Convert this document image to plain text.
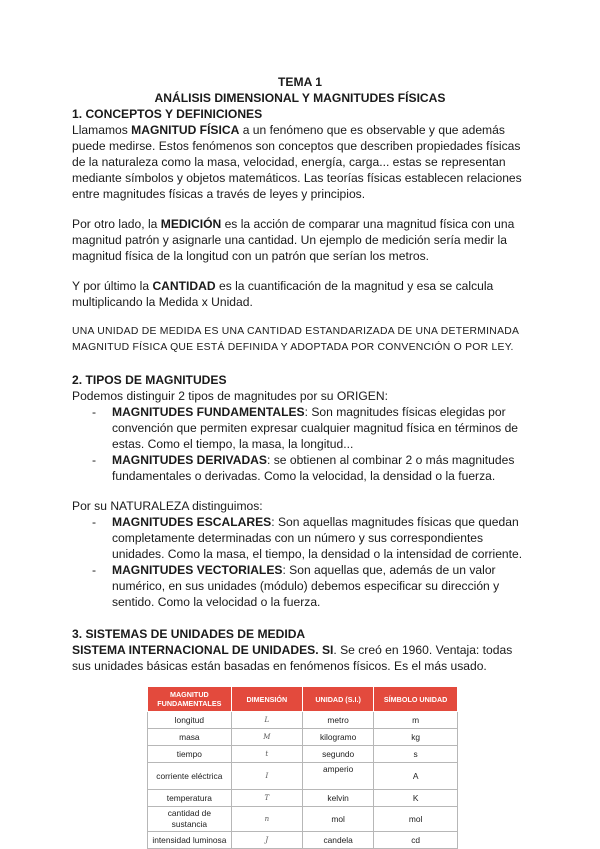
TEMA 1

ANÁLISIS DIMENSIONAL Y MAGNITUDES FÍSICAS

1. CONCEPTOS Y DEFINICIONES

Llamamos MAGNITUD FÍSICA a un fenómeno que es observable y que además puede medirse. Estos fenómenos son conceptos que describen propiedades físicas de la naturaleza como la masa, velocidad, energía, carga... estas se representan mediante símbolos y objetos matemáticos. Las teorías físicas establecen relaciones entre magnitudes físicas a través de leyes y principios.

Por otro lado, la MEDICIÓN es la acción de comparar una magnitud física con una magnitud patrón y asignarle una cantidad. Un ejemplo de medición sería medir la magnitud física de la longitud con un patrón que serían los metros.

Y por último la CANTIDAD es la cuantificación de la magnitud y esa se calcula multiplicando la Medida x Unidad.

UNA UNIDAD DE MEDIDA ES UNA CANTIDAD ESTANDARIZADA DE UNA DETERMINADA MAGNITUD FÍSICA QUE ESTÁ DEFINIDA Y ADOPTADA POR CONVENCIÓN O POR LEY.

2. TIPOS DE MAGNITUDES

Podemos distinguir 2 tipos de magnitudes por su ORIGEN:

- MAGNITUDES FUNDAMENTALES: Son magnitudes físicas elegidas por convención que permiten expresar cualquier magnitud física en términos de estas. Como el tiempo, la masa, la longitud...
- MAGNITUDES DERIVADAS: se obtienen al combinar 2 o más magnitudes fundamentales o derivadas. Como la velocidad, la densidad o la fuerza.

Por su NATURALEZA distinguimos:

- MAGNITUDES ESCALARES: Son aquellas magnitudes físicas que quedan completamente determinadas con un número y sus correspondientes unidades. Como la masa, el tiempo, la densidad o la intensidad de corriente.
- MAGNITUDES VECTORIALES: Son aquellas que, además de un valor numérico, en sus unidades (módulo) debemos especificar su dirección y sentido. Como la velocidad o la fuerza.

3. SISTEMAS DE UNIDADES DE MEDIDA

SISTEMA INTERNACIONAL DE UNIDADES. SI. Se creó en 1960. Ventaja: todas sus unidades básicas están basadas en fenómenos físicos. Es el más usado.

MAGNITUD FUNDAMENTALES	DIMENSIÓN	UNIDAD (S.I.)	SÍMBOLO UNIDAD
longitud	L	metro	m
masa	M	kilogramo	kg
tiempo	t	segundo	s
corriente eléctrica	I	amperio	A
temperatura	T	kelvin	K
cantidad de sustancia	n	mol	mol
intensidad luminosa	J	candela	cd
